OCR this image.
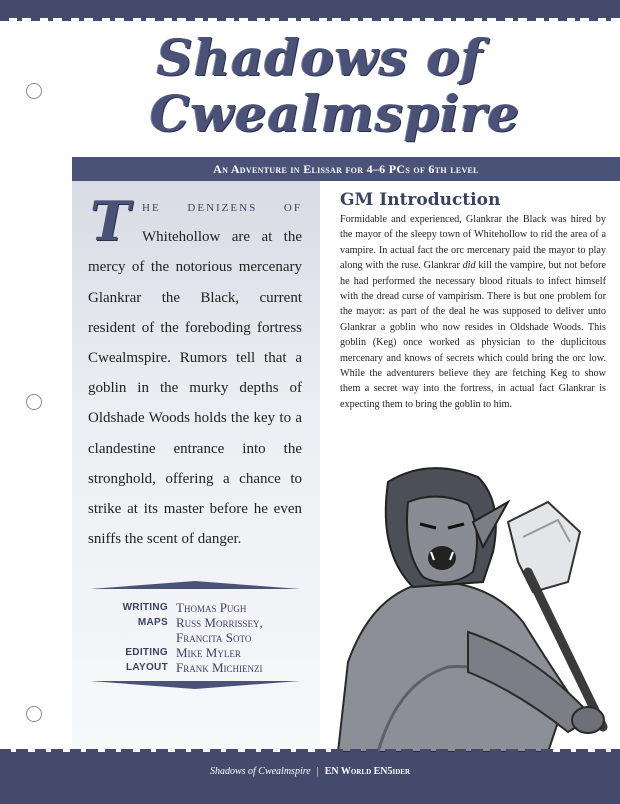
Shadows of
Cwealmspire
An Adventure in Elissar for 4–6 PCs of 6th level

The denizens of Whitehollow are at the mercy of the notorious mercenary Glankrar the Black, current resident of the foreboding fortress Cwealmspire. Rumors tell that a goblin in the murky depths of Oldshade Woods holds the key to a clandestine entrance into the stronghold, offering a chance to strike at its master before he even sniffs the scent of danger.

WRITING Thomas Pugh
MAPS Russ Morrissey,
Francita Soto
EDITING Mike Myler
LAYOUT Frank Michienzi
GM Introduction

Formidable and experienced, Glankrar the Black was hired by the mayor of the sleepy town of Whitehollow to rid the area of a vampire. In actual fact the orc mercenary paid the mayor to play along with the ruse. Glankrar did kill the vampire, but not before he had performed the necessary blood rituals to infect himself with the dread curse of vampirism. There is but one problem for the mayor: as part of the deal he was supposed to deliver unto Glankrar a goblin who now resides in Oldshade Woods. This goblin (Keg) once worked as physician to the duplicitous mercenary and knows of secrets which could bring the orc low. While the adventurers believe they are fetching Keg to show them a secret way into the fortress, in actual fact Glankrar is expecting them to bring the goblin to him.

Shadows of Cwealmspire | EN World EN5ider
